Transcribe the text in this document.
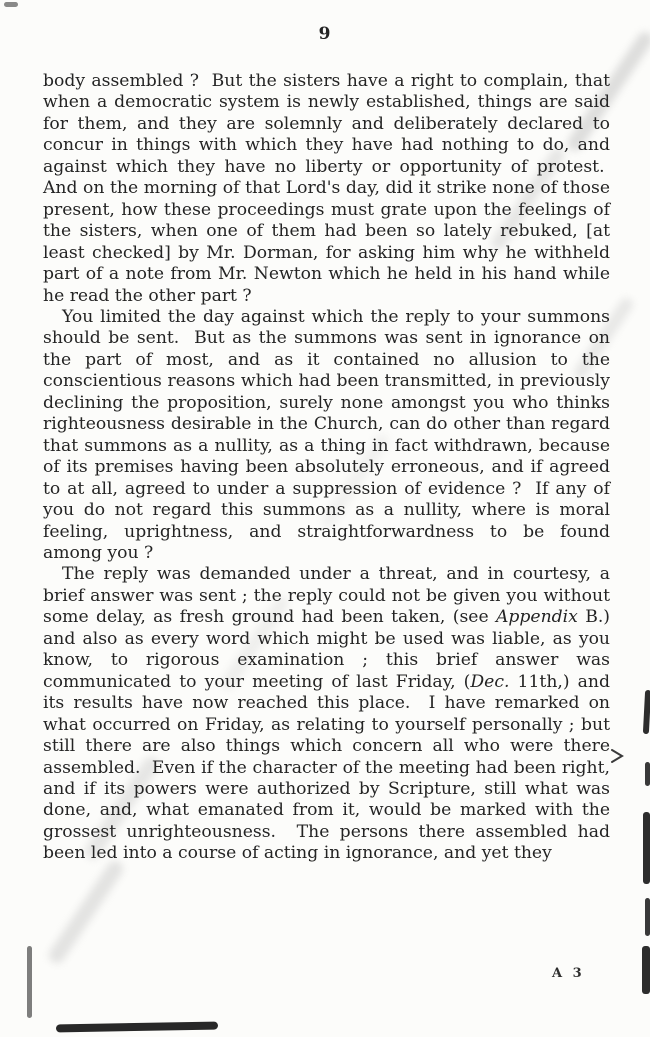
9

body assembled ?  But the sisters have a right to complain, that when a democratic system is newly established, things are said for them, and they are solemnly and deliberately declared to concur in things with which they have had nothing to do, and against which they have no liberty or opportunity of protest.  And on the morning of that Lord's day, did it strike none of those present, how these proceedings must grate upon the feelings of the sisters, when one of them had been so lately rebuked, [at least checked] by Mr. Dorman, for asking him why he withheld part of a note from Mr. Newton which he held in his hand while he read the other part ?

You limited the day against which the reply to your summons should be sent.  But as the summons was sent in ignorance on the part of most, and as it contained no allusion to the conscientious reasons which had been transmitted, in previously declining the proposition, surely none amongst you who thinks righteousness desirable in the Church, can do other than regard that summons as a nullity, as a thing in fact withdrawn, because of its premises having been absolutely erroneous, and if agreed to at all, agreed to under a suppression of evidence ?  If any of you do not regard this summons as a nullity, where is moral feeling, uprightness, and straightforwardness to be found among you ?

The reply was demanded under a threat, and in courtesy, a brief answer was sent ; the reply could not be given you without some delay, as fresh ground had been taken, (see Appendix B.) and also as every word which might be used was liable, as you know, to rigorous examination ; this brief answer was communicated to your meeting of last Friday, (Dec. 11th,) and its results have now reached this place.  I have remarked on what occurred on Friday, as relating to yourself personally ; but still there are also things which concern all who were there assembled.  Even if the character of the meeting had been right, and if its powers were authorized by Scripture, still what was done, and, what emanated from it, would be marked with the grossest unrighteousness.  The persons there assembled had been led into a course of acting in ignorance, and yet they

A 3
